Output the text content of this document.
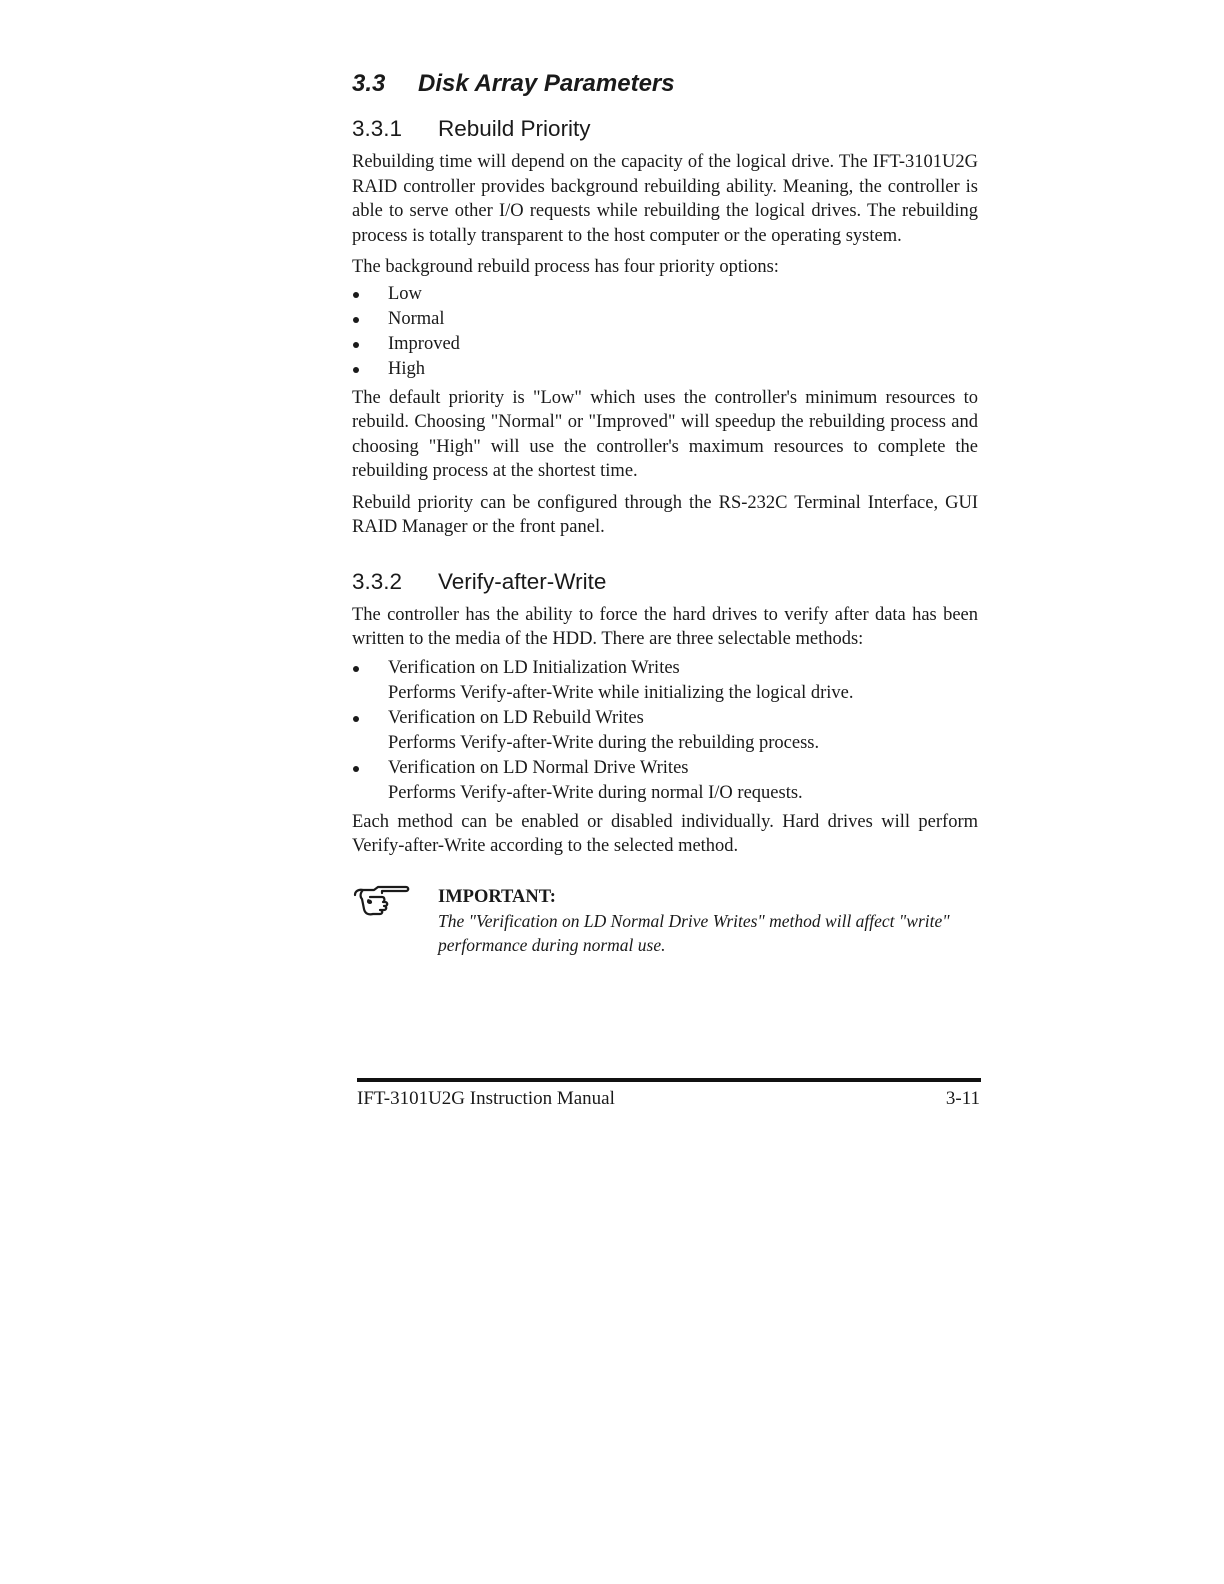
3.3	Disk Array Parameters
3.3.1	Rebuild Priority

Rebuilding time will depend on the capacity of the logical drive. The IFT-3101U2G RAID controller provides background rebuilding ability. Meaning, the controller is able to serve other I/O requests while rebuilding the logical drives. The rebuilding process is totally transparent to the host computer or the operating system.

The background rebuild process has four priority options:

Low
Normal
Improved
High

The default priority is "Low" which uses the controller's minimum resources to rebuild. Choosing "Normal" or "Improved" will speedup the rebuilding process and choosing "High" will use the controller's maximum resources to complete the rebuilding process at the shortest time.

Rebuild priority can be configured through the RS-232C Terminal Interface, GUI RAID Manager or the front panel.

3.3.2	Verify-after-Write

The controller has the ability to force the hard drives to verify after data has been written to the media of the HDD. There are three selectable methods:

Verification on LD Initialization Writes
Performs Verify-after-Write while initializing the logical drive.
Verification on LD Rebuild Writes
Performs Verify-after-Write during the rebuilding process.
Verification on LD Normal Drive Writes
Performs Verify-after-Write during normal I/O requests.

Each method can be enabled or disabled individually. Hard drives will perform Verify-after-Write according to the selected method.

IMPORTANT:
The "Verification on LD Normal Drive Writes" method will affect "write" performance during normal use.
IFT-3101U2G Instruction Manual	3-11
